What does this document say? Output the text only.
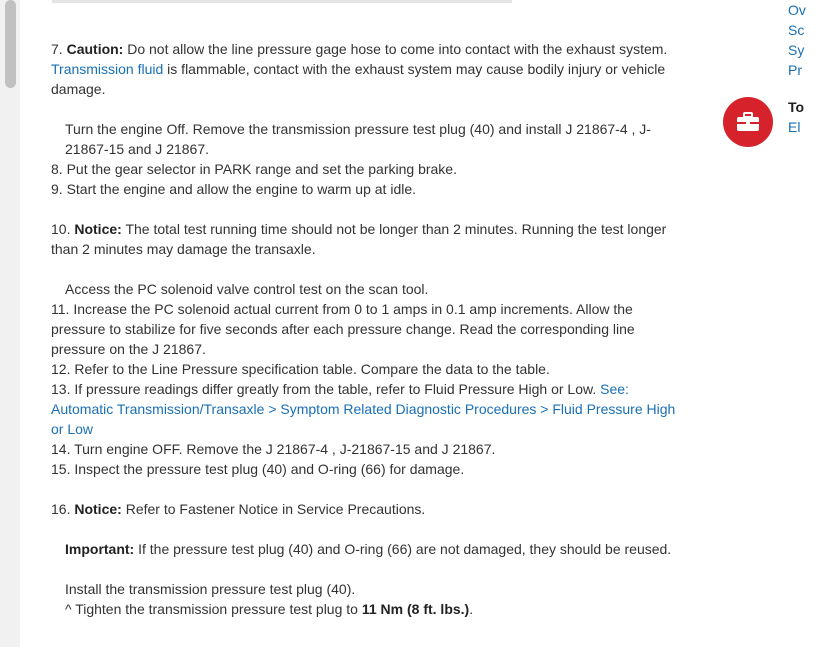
7. Caution: Do not allow the line pressure gage hose to come into contact with the exhaust system. Transmission fluid is flammable, contact with the exhaust system may cause bodily injury or vehicle damage.

Turn the engine Off. Remove the transmission pressure test plug (40) and install J 21867-4 , J-21867-15 and J 21867.

8. Put the gear selector in PARK range and set the parking brake.

9. Start the engine and allow the engine to warm up at idle.

10. Notice: The total test running time should not be longer than 2 minutes. Running the test longer than 2 minutes may damage the transaxle.

Access the PC solenoid valve control test on the scan tool.

11. Increase the PC solenoid actual current from 0 to 1 amps in 0.1 amp increments. Allow the pressure to stabilize for five seconds after each pressure change. Read the corresponding line pressure on the J 21867.

12. Refer to the Line Pressure specification table. Compare the data to the table.

13. If pressure readings differ greatly from the table, refer to Fluid Pressure High or Low. See: Automatic Transmission/Transaxle > Symptom Related Diagnostic Procedures > Fluid Pressure High or Low

14. Turn engine OFF. Remove the J 21867-4 , J-21867-15 and J 21867.

15. Inspect the pressure test plug (40) and O-ring (66) for damage.

16. Notice: Refer to Fastener Notice in Service Precautions.

Important: If the pressure test plug (40) and O-ring (66) are not damaged, they should be reused.

Install the transmission pressure test plug (40).

^ Tighten the transmission pressure test plug to 11 Nm (8 ft. lbs.).

Ov
Sc
Sy
Pr
To
El
